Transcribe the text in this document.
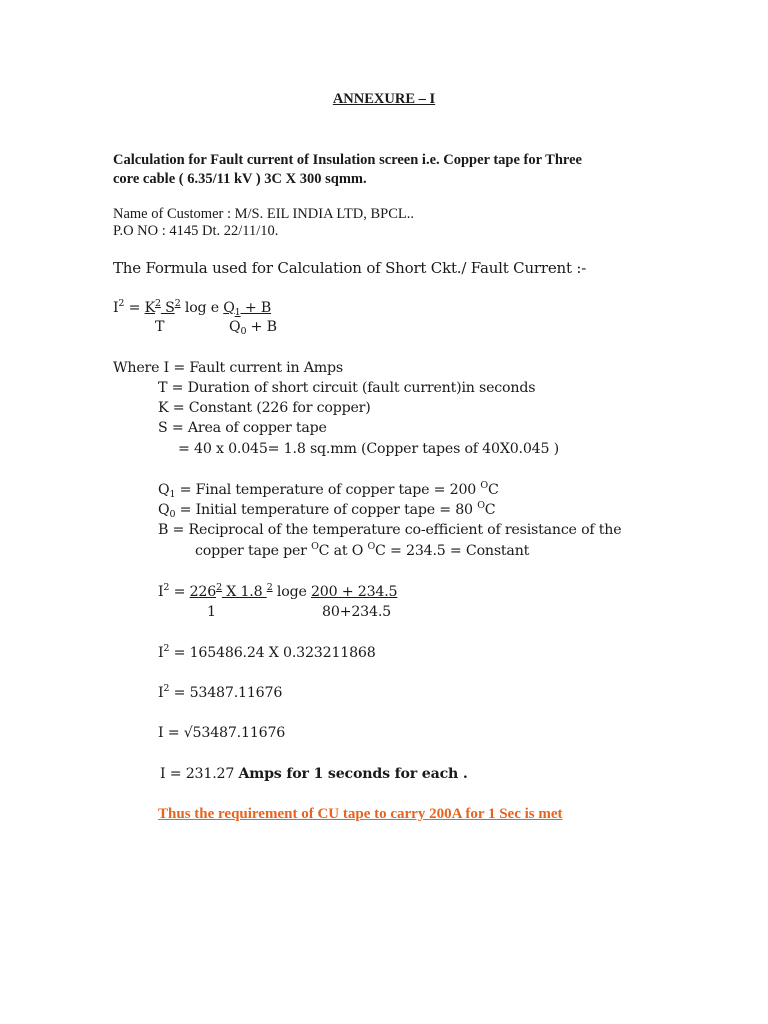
ANNEXURE – I
Calculation for Fault current of Insulation screen i.e. Copper tape for Three
core cable ( 6.35/11 kV ) 3C X 300 sqmm.
Name of Customer : M/S. EIL INDIA LTD, BPCL..
P.O NO : 4145 Dt. 22/11/10.
The Formula used for Calculation of Short Ckt./ Fault Current :-
$I^2 = K^2$ $S^2$ log e $Q_1 + B$
T	$Q_0 + B$
Where I = Fault current in Amps
T = Duration of short circuit (fault current)in seconds
K = Constant (226 for copper)
S = Area of copper tape
= 40 x 0.045= 1.8 sq.mm (Copper tapes of 40X0.045 )
$Q_1$ = Final temperature of copper tape = 200 $^O$C
$Q_0$ = Initial temperature of copper tape = 80 $^O$C
B = Reciprocal of the temperature co-efficient of resistance of the
copper tape per $^O$C at O $^O$C = 234.5 = Constant
$I^2 = 226^2$ X 1.8 $^2$ loge 200 + 234.5
1	80+234.5
$I^2 = 165486.24$ X 0.323211868
$I^2 = 53487.11676$
I = √53487.11676
I = 231.27 Amps for 1 seconds for each .
Thus the requirement of CU tape to carry 200A for 1 Sec is met
